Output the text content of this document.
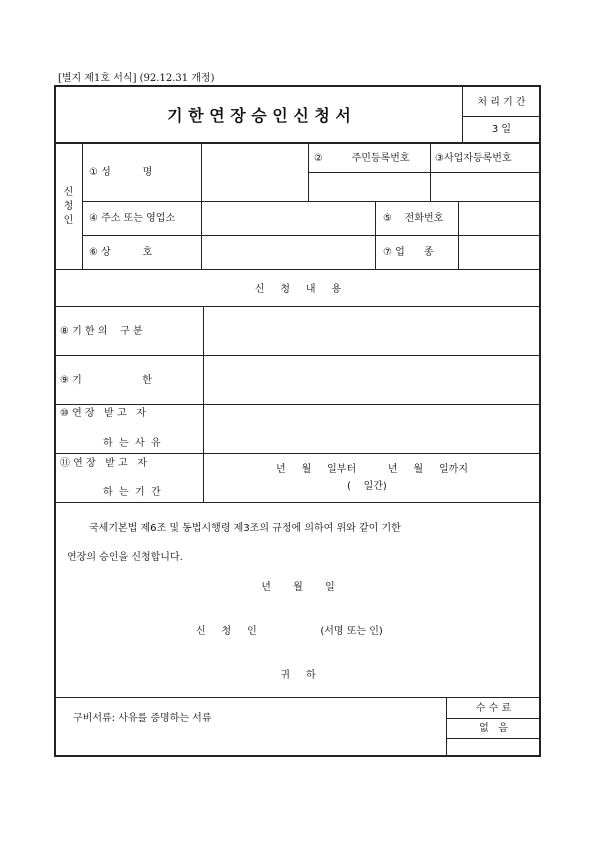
[별지 제1호 서식] (92.12.31 개정)
기 한 연 장 승 인 신 청 서
처 리 기 간
3 일
신 청 인
① 성          명
②         주민등록번호	③사업자등록번호
④ 주소 또는 영업소	⑤    전화번호
⑥ 상          호	⑦ 업      종
신     청     내     용
⑧ 기 한 의    구 분
⑨ 기                   한
⑩ 연 장   받 고   자
하  는  사  유
⑪ 연 장   받 고   자
하  는  기  간
년     월     일부터          년     월     일까지
(    일간)
국세기본법 제6조 및 동법시행령 제3조의 규정에 의하여 위와 같이 기한
연장의 승인을 신청합니다.
년       월       일
신     청     인                    (서명 또는 인)
귀     하
구비서류: 사유를 증명하는 서류
수 수 료
없   음
